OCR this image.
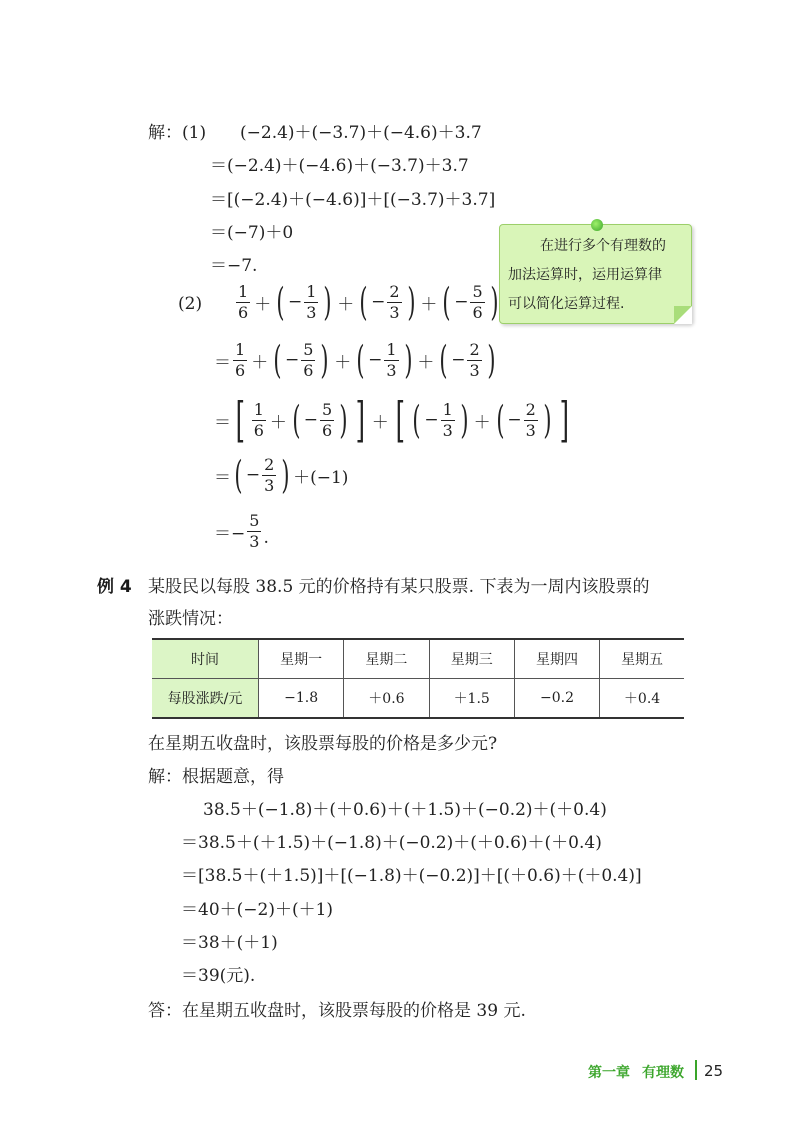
解：(1) (−2.4)＋(−3.7)＋(−4.6)＋3.7
＝(−2.4)＋(−4.6)＋(−3.7)＋3.7
＝[(−2.4)＋(−4.6)]＋[(−3.7)＋3.7]
＝(−7)＋0
＝−7.
在进行多个有理数的
加法运算时，运用运算律
可以简化运算过程.
$(2) \frac{1}{6}$ ＋ ( − $\frac{1}{3}$ ) ＋ ( − $\frac{2}{3}$ ) ＋ ( − $\frac{5}{6}$ )
＝ $\frac{1}{6}$ ＋ ( − $\frac{5}{6}$ ) ＋ ( − $\frac{1}{3}$ ) ＋ ( − $\frac{2}{3}$ )
＝ [ $\frac{1}{6}$ ＋ ( − $\frac{5}{6}$ ) ] ＋ [ ( − $\frac{1}{3}$ ) ＋ ( − $\frac{2}{3}$ ) ]
＝ ( − $\frac{2}{3}$ ) ＋(−1)
＝− $\frac{5}{3}$ .
例 4 某股民以每股 38.5 元的价格持有某只股票. 下表为一周内该股票的
涨跌情况：
时间	星期一	星期二	星期三	星期四	星期五
每股涨跌/元	−1.8	＋0.6	＋1.5	−0.2	＋0.4
在星期五收盘时，该股票每股的价格是多少元?
解：根据题意，得
38.5＋(−1.8)＋(＋0.6)＋(＋1.5)＋(−0.2)＋(＋0.4)
＝38.5＋(＋1.5)＋(−1.8)＋(−0.2)＋(＋0.6)＋(＋0.4)
＝[38.5＋(＋1.5)]＋[(−1.8)＋(−0.2)]＋[(＋0.6)＋(＋0.4)]
＝40＋(−2)＋(＋1)
＝38＋(＋1)
＝39(元).
答：在星期五收盘时，该股票每股的价格是 39 元.
第一章 有理数 25
